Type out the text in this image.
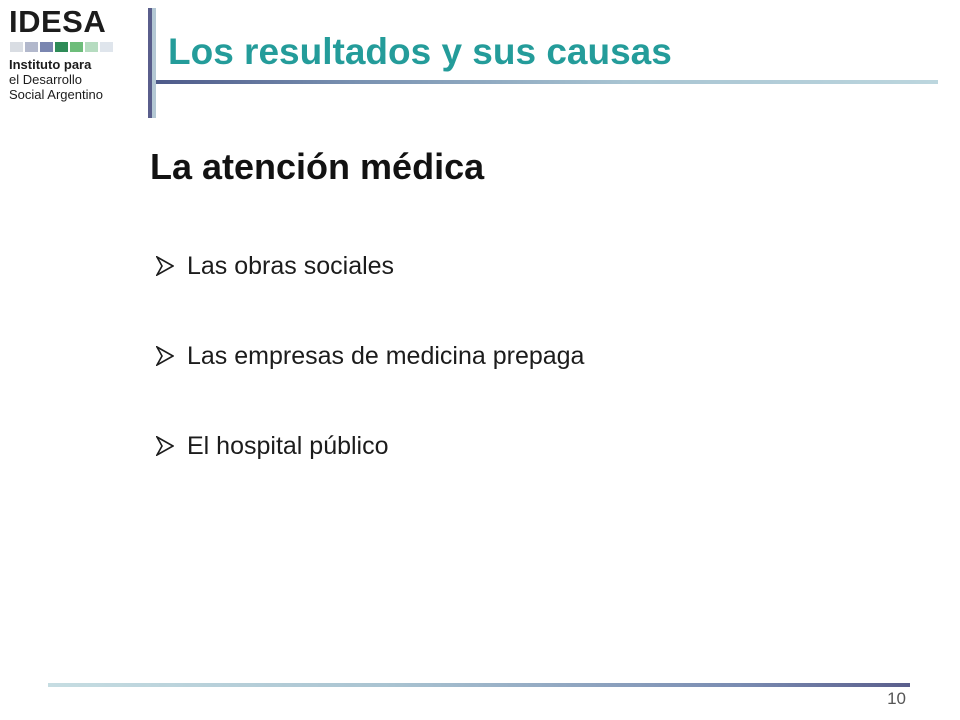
IDESA
Instituto para
el Desarrollo
Social Argentino
Los resultados y sus causas
La atención médica
Las obras sociales
Las empresas de medicina prepaga
El hospital público
10
